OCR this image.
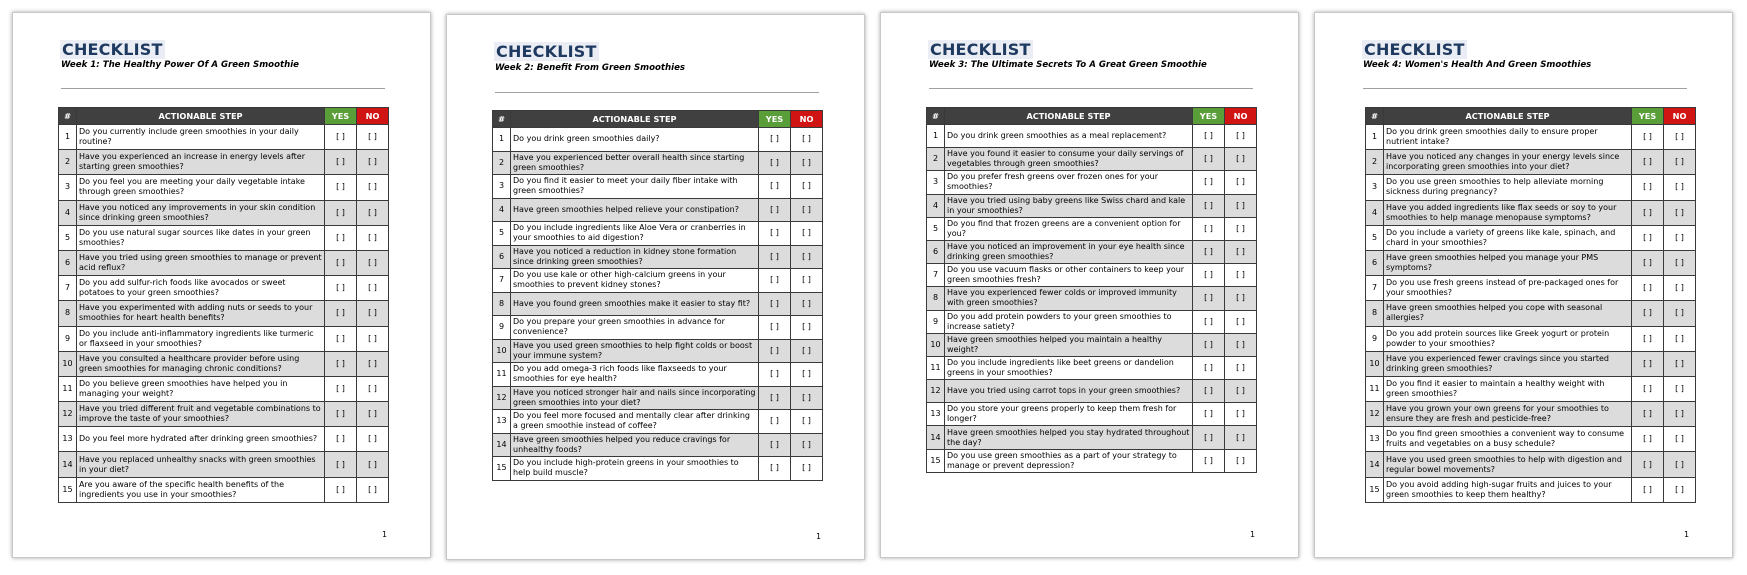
CHECKLIST
Week 1: The Healthy Power Of A Green Smoothie
#	ACTIONABLE STEP	YES	NO
1	Do you currently include green smoothies in your daily routine?	[ ]	[ ]
2	Have you experienced an increase in energy levels after starting green smoothies?	[ ]	[ ]
3	Do you feel you are meeting your daily vegetable intake through green smoothies?	[ ]	[ ]
4	Have you noticed any improvements in your skin condition since drinking green smoothies?	[ ]	[ ]
5	Do you use natural sugar sources like dates in your green smoothies?	[ ]	[ ]
6	Have you tried using green smoothies to manage or prevent acid reflux?	[ ]	[ ]
7	Do you add sulfur-rich foods like avocados or sweet potatoes to your green smoothies?	[ ]	[ ]
8	Have you experimented with adding nuts or seeds to your smoothies for heart health benefits?	[ ]	[ ]
9	Do you include anti-inflammatory ingredients like turmeric or flaxseed in your smoothies?	[ ]	[ ]
10	Have you consulted a healthcare provider before using green smoothies for managing chronic conditions?	[ ]	[ ]
11	Do you believe green smoothies have helped you in managing your weight?	[ ]	[ ]
12	Have you tried different fruit and vegetable combinations to improve the taste of your smoothies?	[ ]	[ ]
13	Do you feel more hydrated after drinking green smoothies?	[ ]	[ ]
14	Have you replaced unhealthy snacks with green smoothies in your diet?	[ ]	[ ]
15	Are you aware of the specific health benefits of the ingredients you use in your smoothies?	[ ]	[ ]
1
CHECKLIST
Week 2: Benefit From Green Smoothies
#	ACTIONABLE STEP	YES	NO
1	Do you drink green smoothies daily?	[ ]	[ ]
2	Have you experienced better overall health since starting green smoothies?	[ ]	[ ]
3	Do you find it easier to meet your daily fiber intake with green smoothies?	[ ]	[ ]
4	Have green smoothies helped relieve your constipation?	[ ]	[ ]
5	Do you include ingredients like Aloe Vera or cranberries in your smoothies to aid digestion?	[ ]	[ ]
6	Have you noticed a reduction in kidney stone formation since drinking green smoothies?	[ ]	[ ]
7	Do you use kale or other high-calcium greens in your smoothies to prevent kidney stones?	[ ]	[ ]
8	Have you found green smoothies make it easier to stay fit?	[ ]	[ ]
9	Do you prepare your green smoothies in advance for convenience?	[ ]	[ ]
10	Have you used green smoothies to help fight colds or boost your immune system?	[ ]	[ ]
11	Do you add omega-3 rich foods like flaxseeds to your smoothies for eye health?	[ ]	[ ]
12	Have you noticed stronger hair and nails since incorporating green smoothies into your diet?	[ ]	[ ]
13	Do you feel more focused and mentally clear after drinking a green smoothie instead of coffee?	[ ]	[ ]
14	Have green smoothies helped you reduce cravings for unhealthy foods?	[ ]	[ ]
15	Do you include high-protein greens in your smoothies to help build muscle?	[ ]	[ ]
1
CHECKLIST
Week 3: The Ultimate Secrets To A Great Green Smoothie
#	ACTIONABLE STEP	YES	NO
1	Do you drink green smoothies as a meal replacement?	[ ]	[ ]
2	Have you found it easier to consume your daily servings of vegetables through green smoothies?	[ ]	[ ]
3	Do you prefer fresh greens over frozen ones for your smoothies?	[ ]	[ ]
4	Have you tried using baby greens like Swiss chard and kale in your smoothies?	[ ]	[ ]
5	Do you find that frozen greens are a convenient option for you?	[ ]	[ ]
6	Have you noticed an improvement in your eye health since drinking green smoothies?	[ ]	[ ]
7	Do you use vacuum flasks or other containers to keep your green smoothies fresh?	[ ]	[ ]
8	Have you experienced fewer colds or improved immunity with green smoothies?	[ ]	[ ]
9	Do you add protein powders to your green smoothies to increase satiety?	[ ]	[ ]
10	Have green smoothies helped you maintain a healthy weight?	[ ]	[ ]
11	Do you include ingredients like beet greens or dandelion greens in your smoothies?	[ ]	[ ]
12	Have you tried using carrot tops in your green smoothies?	[ ]	[ ]
13	Do you store your greens properly to keep them fresh for longer?	[ ]	[ ]
14	Have green smoothies helped you stay hydrated throughout the day?	[ ]	[ ]
15	Do you use green smoothies as a part of your strategy to manage or prevent depression?	[ ]	[ ]
1
CHECKLIST
Week 4: Women's Health And Green Smoothies
#	ACTIONABLE STEP	YES	NO
1	Do you drink green smoothies daily to ensure proper nutrient intake?	[ ]	[ ]
2	Have you noticed any changes in your energy levels since incorporating green smoothies into your diet?	[ ]	[ ]
3	Do you use green smoothies to help alleviate morning sickness during pregnancy?	[ ]	[ ]
4	Have you added ingredients like flax seeds or soy to your smoothies to help manage menopause symptoms?	[ ]	[ ]
5	Do you include a variety of greens like kale, spinach, and chard in your smoothies?	[ ]	[ ]
6	Have green smoothies helped you manage your PMS symptoms?	[ ]	[ ]
7	Do you use fresh greens instead of pre-packaged ones for your smoothies?	[ ]	[ ]
8	Have green smoothies helped you cope with seasonal allergies?	[ ]	[ ]
9	Do you add protein sources like Greek yogurt or protein powder to your smoothies?	[ ]	[ ]
10	Have you experienced fewer cravings since you started drinking green smoothies?	[ ]	[ ]
11	Do you find it easier to maintain a healthy weight with green smoothies?	[ ]	[ ]
12	Have you grown your own greens for your smoothies to ensure they are fresh and pesticide-free?	[ ]	[ ]
13	Do you find green smoothies a convenient way to consume fruits and vegetables on a busy schedule?	[ ]	[ ]
14	Have you used green smoothies to help with digestion and regular bowel movements?	[ ]	[ ]
15	Do you avoid adding high-sugar fruits and juices to your green smoothies to keep them healthy?	[ ]	[ ]
1
